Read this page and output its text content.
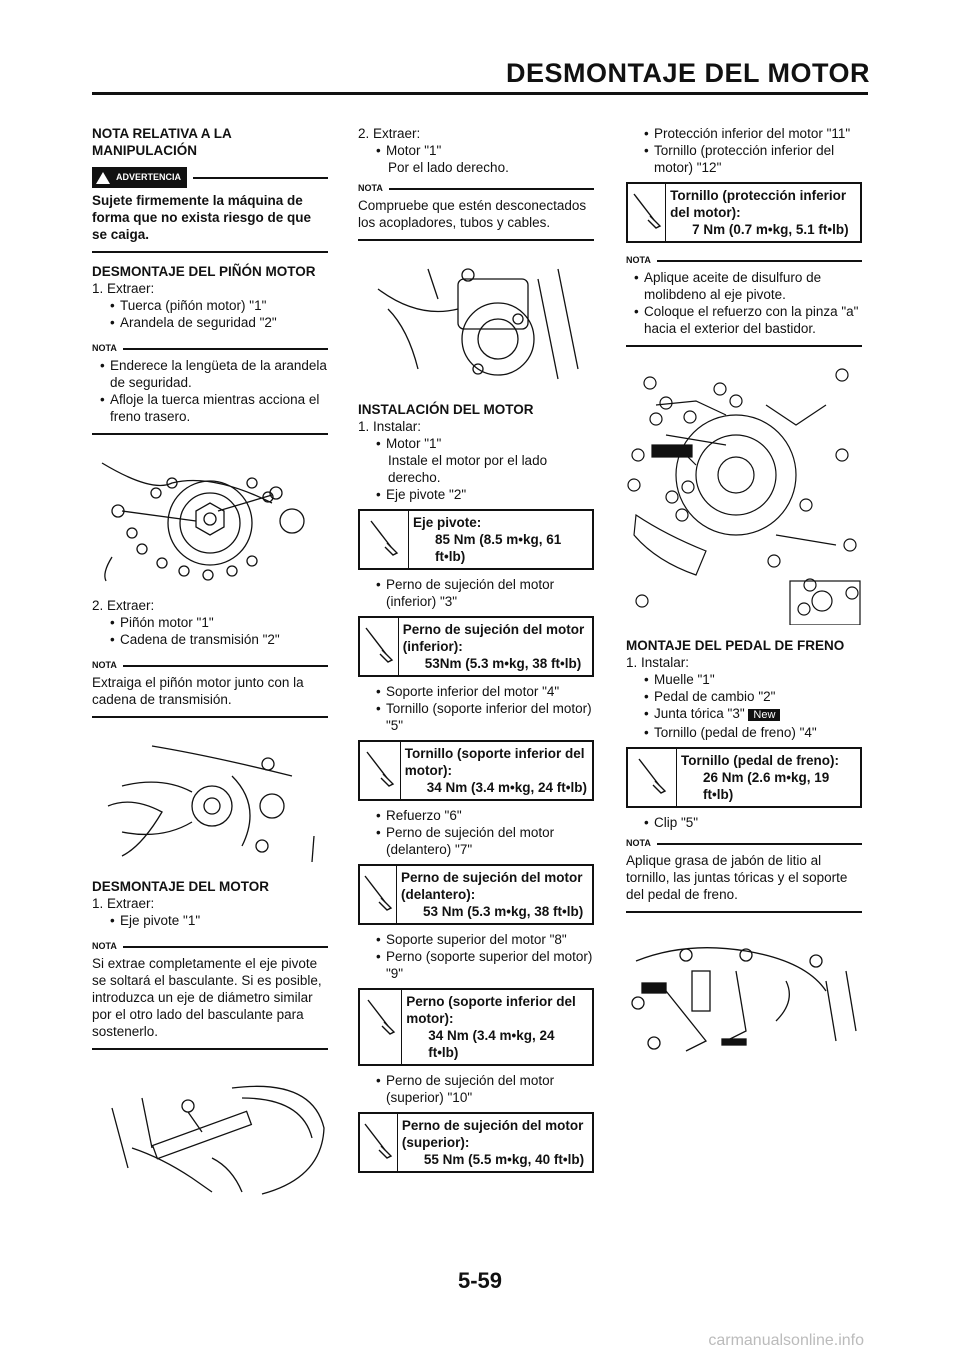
DESMONTAJE DEL MOTOR

NOTA RELATIVA A LA MANIPULACIÓN

ADVERTENCIA

Sujete firmemente la máquina de forma que no exista riesgo de que se caiga.

DESMONTAJE DEL PIÑÓN MOTOR

1. Extraer:

• Tuerca (piñón motor) "1"

• Arandela de seguridad "2"

NOTA

• Enderece la lengüeta de la arandela de seguridad.

• Afloje la tuerca mientras acciona el freno trasero.

2. Extraer:

• Piñón motor "1"

• Cadena de transmisión "2"

NOTA

Extraiga el piñón motor junto con la cadena de transmisión.

DESMONTAJE DEL MOTOR

1. Extraer:

• Eje pivote "1"

NOTA

Si extrae completamente el eje pivote se soltará el basculante. Si es posible, introduzca un eje de diámetro similar por el otro lado del basculante para sostenerlo.

2. Extraer:

• Motor "1"

Por el lado derecho.

NOTA

Compruebe que estén desconectados los acopladores, tubos y cables.

INSTALACIÓN DEL MOTOR

1. Instalar:

• Motor "1"

Instale el motor por el lado derecho.

• Eje pivote "2"

Eje pivote:
85 Nm (8.5 m•kg, 61 ft•lb)

• Perno de sujeción del motor (inferior) "3"

Perno de sujeción del motor (inferior):
53Nm (5.3 m•kg, 38 ft•lb)

• Soporte inferior del motor "4"

• Tornillo (soporte inferior del motor) "5"

Tornillo (soporte inferior del motor):
34 Nm (3.4 m•kg, 24 ft•lb)

• Refuerzo "6"

• Perno de sujeción del motor (delantero) "7"

Perno de sujeción del motor (delantero):
53 Nm (5.3 m•kg, 38 ft•lb)

• Soporte superior del motor "8"

• Perno (soporte superior del motor) "9"

Perno (soporte inferior del motor):
34 Nm (3.4 m•kg, 24 ft•lb)

• Perno de sujeción del motor (superior) "10"

Perno de sujeción del motor (superior):
55 Nm (5.5 m•kg, 40 ft•lb)

• Protección inferior del motor "11"

• Tornillo (protección inferior del motor) "12"

Tornillo (protección inferior del motor):
7 Nm (0.7 m•kg, 5.1 ft•lb)
NOTA

• Aplique aceite de disulfuro de molibdeno al eje pivote.

• Coloque el refuerzo con la pinza "a" hacia el exterior del bastidor.

MONTAJE DEL PEDAL DE FRENO

1. Instalar:

• Muelle "1"

• Pedal de cambio "2"

• Junta tórica "3" New

• Tornillo (pedal de freno) "4"

Tornillo (pedal de freno):
26 Nm (2.6 m•kg, 19 ft•lb)

• Clip "5"

NOTA

Aplique grasa de jabón de litio al tornillo, las juntas tóricas y el soporte del pedal de freno.

5-59
carmanualsonline.info
